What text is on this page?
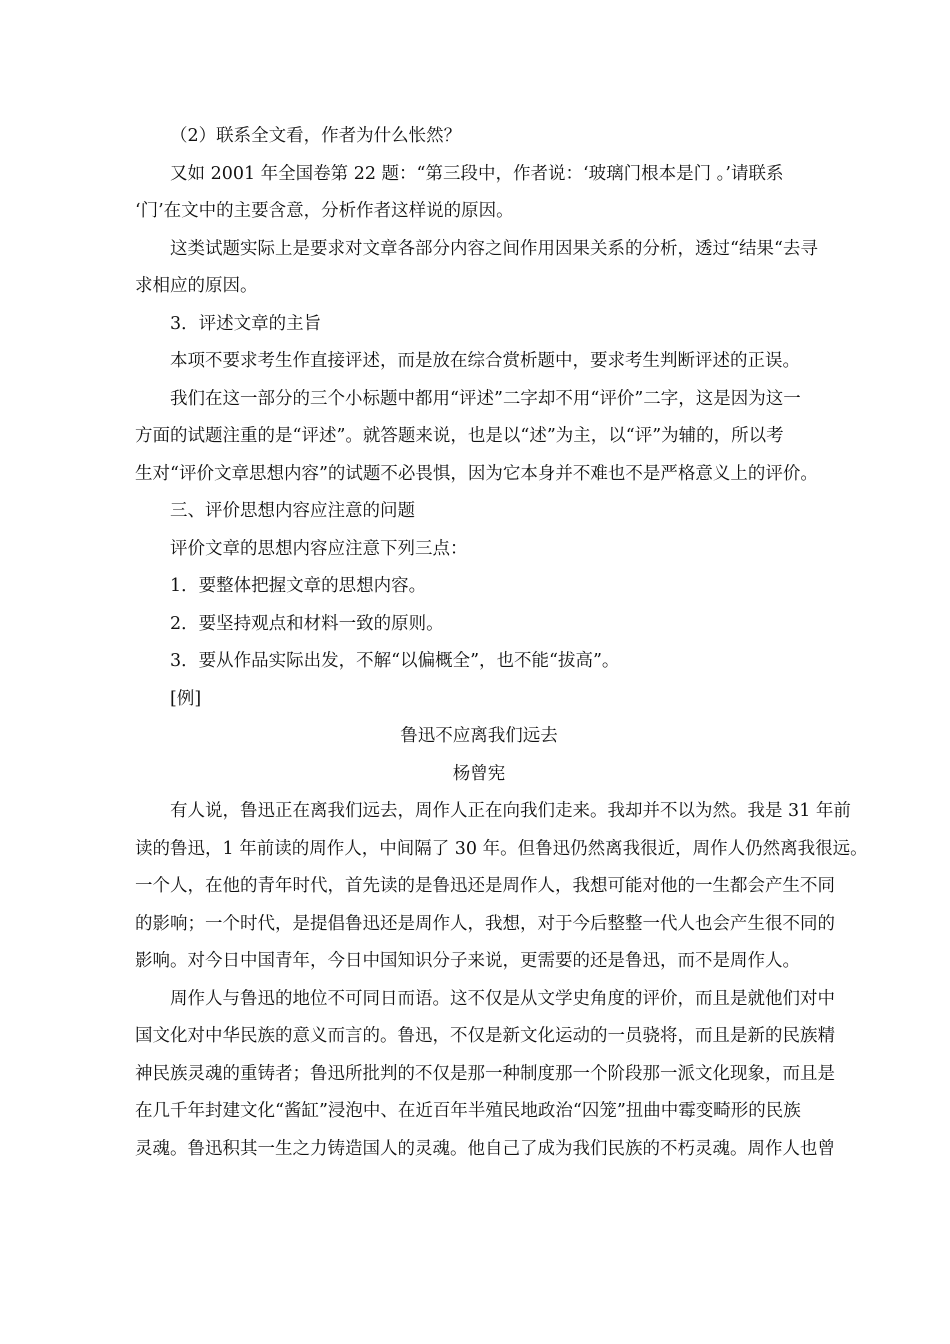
（2）联系全文看，作者为什么怅然？
又如 2001 年全国卷第 22 题：“第三段中，作者说：‘玻璃门根本是门 。’请联系
‘门’在文中的主要含意，分析作者这样说的原因。
这类试题实际上是要求对文章各部分内容之间作用因果关系的分析，透过“结果“去寻
求相应的原因。
3．评述文章的主旨
本项不要求考生作直接评述，而是放在综合赏析题中，要求考生判断评述的正误。
我们在这一部分的三个小标题中都用“评述”二字却不用“评价”二字，这是因为这一
方面的试题注重的是“评述”。就答题来说，也是以“述”为主，以“评”为辅的，所以考
生对“评价文章思想内容”的试题不必畏惧，因为它本身并不难也不是严格意义上的评价。
三、评价思想内容应注意的问题
评价文章的思想内容应注意下列三点：
1．要整体把握文章的思想内容。
2．要坚持观点和材料一致的原则。
3．要从作品实际出发，不解“以偏概全”，也不能“拔高”。
[例]
鲁迅不应离我们远去
杨曾宪
有人说，鲁迅正在离我们远去，周作人正在向我们走来。我却并不以为然。我是 31 年前
读的鲁迅，1 年前读的周作人，中间隔了 30 年。但鲁迅仍然离我很近，周作人仍然离我很远。
一个人，在他的青年时代，首先读的是鲁迅还是周作人，我想可能对他的一生都会产生不同
的影响；一个时代，是提倡鲁迅还是周作人，我想，对于今后整整一代人也会产生很不同的
影响。对今日中国青年，今日中国知识分子来说，更需要的还是鲁迅，而不是周作人。
周作人与鲁迅的地位不可同日而语。这不仅是从文学史角度的评价，而且是就他们对中
国文化对中华民族的意义而言的。鲁迅，不仅是新文化运动的一员骁将，而且是新的民族精
神民族灵魂的重铸者；鲁迅所批判的不仅是那一种制度那一个阶段那一派文化现象，而且是
在几千年封建文化“酱缸”浸泡中、在近百年半殖民地政治“囚笼”扭曲中霉变畸形的民族
灵魂。鲁迅积其一生之力铸造国人的灵魂。他自己了成为我们民族的不朽灵魂。周作人也曾
